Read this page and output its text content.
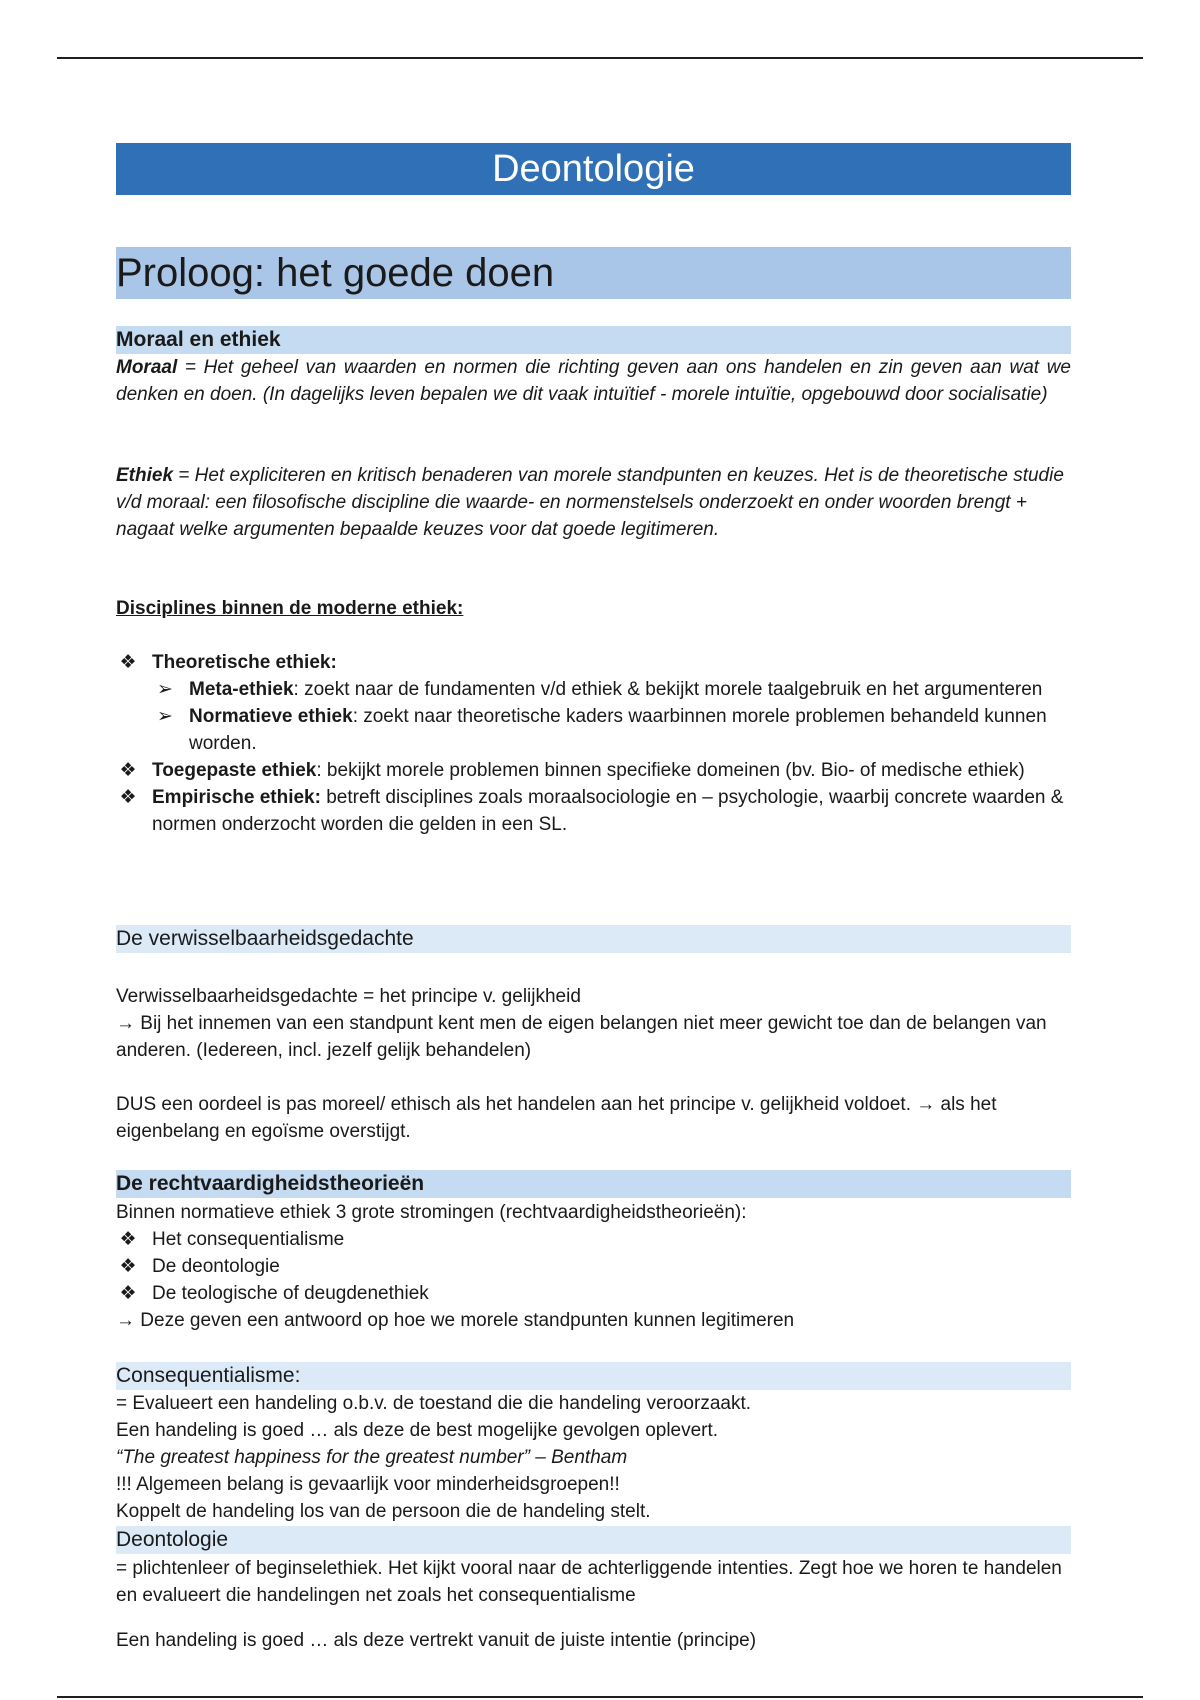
Deontologie
Proloog: het goede doen
Moraal en ethiek
Moraal = Het geheel van waarden en normen die richting geven aan ons handelen en zin geven aan wat we denken en doen. (In dagelijks leven bepalen we dit vaak intuïtief - morele intuïtie, opgebouwd door socialisatie)
Ethiek = Het expliciteren en kritisch benaderen van morele standpunten en keuzes. Het is de theoretische studie v/d moraal: een filosofische discipline die waarde- en normenstelsels onderzoekt en onder woorden brengt + nagaat welke argumenten bepaalde keuzes voor dat goede legitimeren.
Disciplines binnen de moderne ethiek:
❖ Theoretische ethiek:
➢ Meta-ethiek: zoekt naar de fundamenten v/d ethiek & bekijkt morele taalgebruik en het argumenteren
➢ Normatieve ethiek: zoekt naar theoretische kaders waarbinnen morele problemen behandeld kunnen worden.
❖ Toegepaste ethiek: bekijkt morele problemen binnen specifieke domeinen (bv. Bio- of medische ethiek)
❖ Empirische ethiek: betreft disciplines zoals moraalsociologie en – psychologie, waarbij concrete waarden & normen onderzocht worden die gelden in een SL.
De verwisselbaarheidsgedachte
Verwisselbaarheidsgedachte = het principe v. gelijkheid
→ Bij het innemen van een standpunt kent men de eigen belangen niet meer gewicht toe dan de belangen van anderen. (Iedereen, incl. jezelf gelijk behandelen)
DUS een oordeel is pas moreel/ ethisch als het handelen aan het principe v. gelijkheid voldoet. → als het eigenbelang en egoïsme overstijgt.
De rechtvaardigheidstheorieën
Binnen normatieve ethiek 3 grote stromingen (rechtvaardigheidstheorieën):
❖ Het consequentialisme
❖ De deontologie
❖ De teologische of deugdenethiek
→ Deze geven een antwoord op hoe we morele standpunten kunnen legitimeren
Consequentialisme:
= Evalueert een handeling o.b.v. de toestand die die handeling veroorzaakt.
Een handeling is goed … als deze de best mogelijke gevolgen oplevert.
“The greatest happiness for the greatest number” – Bentham
!!! Algemeen belang is gevaarlijk voor minderheidsgroepen!!
Koppelt de handeling los van de persoon die de handeling stelt.
Deontologie
= plichtenleer of beginselethiek. Het kijkt vooral naar de achterliggende intenties. Zegt hoe we horen te handelen en evalueert die handelingen net zoals het consequentialisme
Een handeling is goed … als deze vertrekt vanuit de juiste intentie (principe)
